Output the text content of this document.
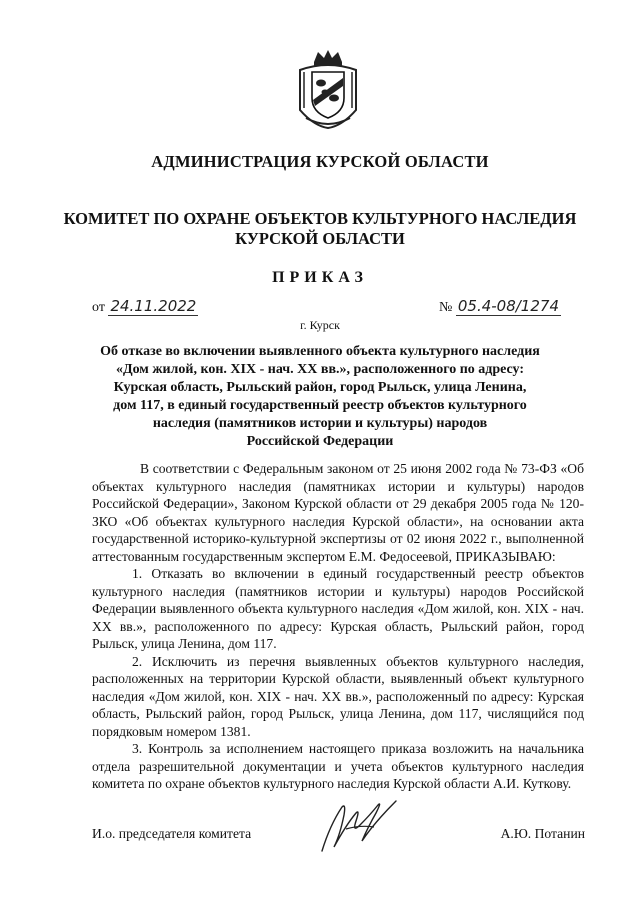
АДМИНИСТРАЦИЯ КУРСКОЙ ОБЛАСТИ
КОМИТЕТ ПО ОХРАНЕ ОБЪЕКТОВ КУЛЬТУРНОГО НАСЛЕДИЯ
КУРСКОЙ ОБЛАСТИ
ПРИКАЗ
от 24.11.2022	№ 05.4-08/1274
г. Курск
Об отказе во включении выявленного объекта культурного наследия
«Дом жилой, кон. XIX - нач. XX вв.», расположенного по адресу:
Курская область, Рыльский район, город Рыльск, улица Ленина,
дом 117, в единый государственный реестр объектов культурного
наследия (памятников истории и культуры) народов
Российской Федерации

В соответствии с Федеральным законом от 25 июня 2002 года № 73-ФЗ «Об объектах культурного наследия (памятниках истории и культуры) народов Российской Федерации», Законом Курской области от 29 декабря 2005 года № 120-ЗКО «Об объектах культурного наследия Курской области», на основании акта государственной историко-культурной экспертизы от 02 июня 2022 г., выполненной аттестованным государственным экспертом Е.М. Федосеевой, ПРИКАЗЫВАЮ:

1. Отказать во включении в единый государственный реестр объектов культурного наследия (памятников истории и культуры) народов Российской Федерации выявленного объекта культурного наследия «Дом жилой, кон. XIX - нач. XX вв.», расположенного по адресу: Курская область, Рыльский район, город Рыльск, улица Ленина, дом 117.

2. Исключить из перечня выявленных объектов культурного наследия, расположенных на территории Курской области, выявленный объект культурного наследия «Дом жилой, кон. XIX - нач. XX вв.», расположенный по адресу: Курская область, Рыльский район, город Рыльск, улица Ленина, дом 117, числящийся под порядковым номером 1381.

3. Контроль за исполнением настоящего приказа возложить на начальника отдела разрешительной документации и учета объектов культурного наследия комитета по охране объектов культурного наследия Курской области А.И. Куткову.

И.о. председателя комитета	А.Ю. Потанин
